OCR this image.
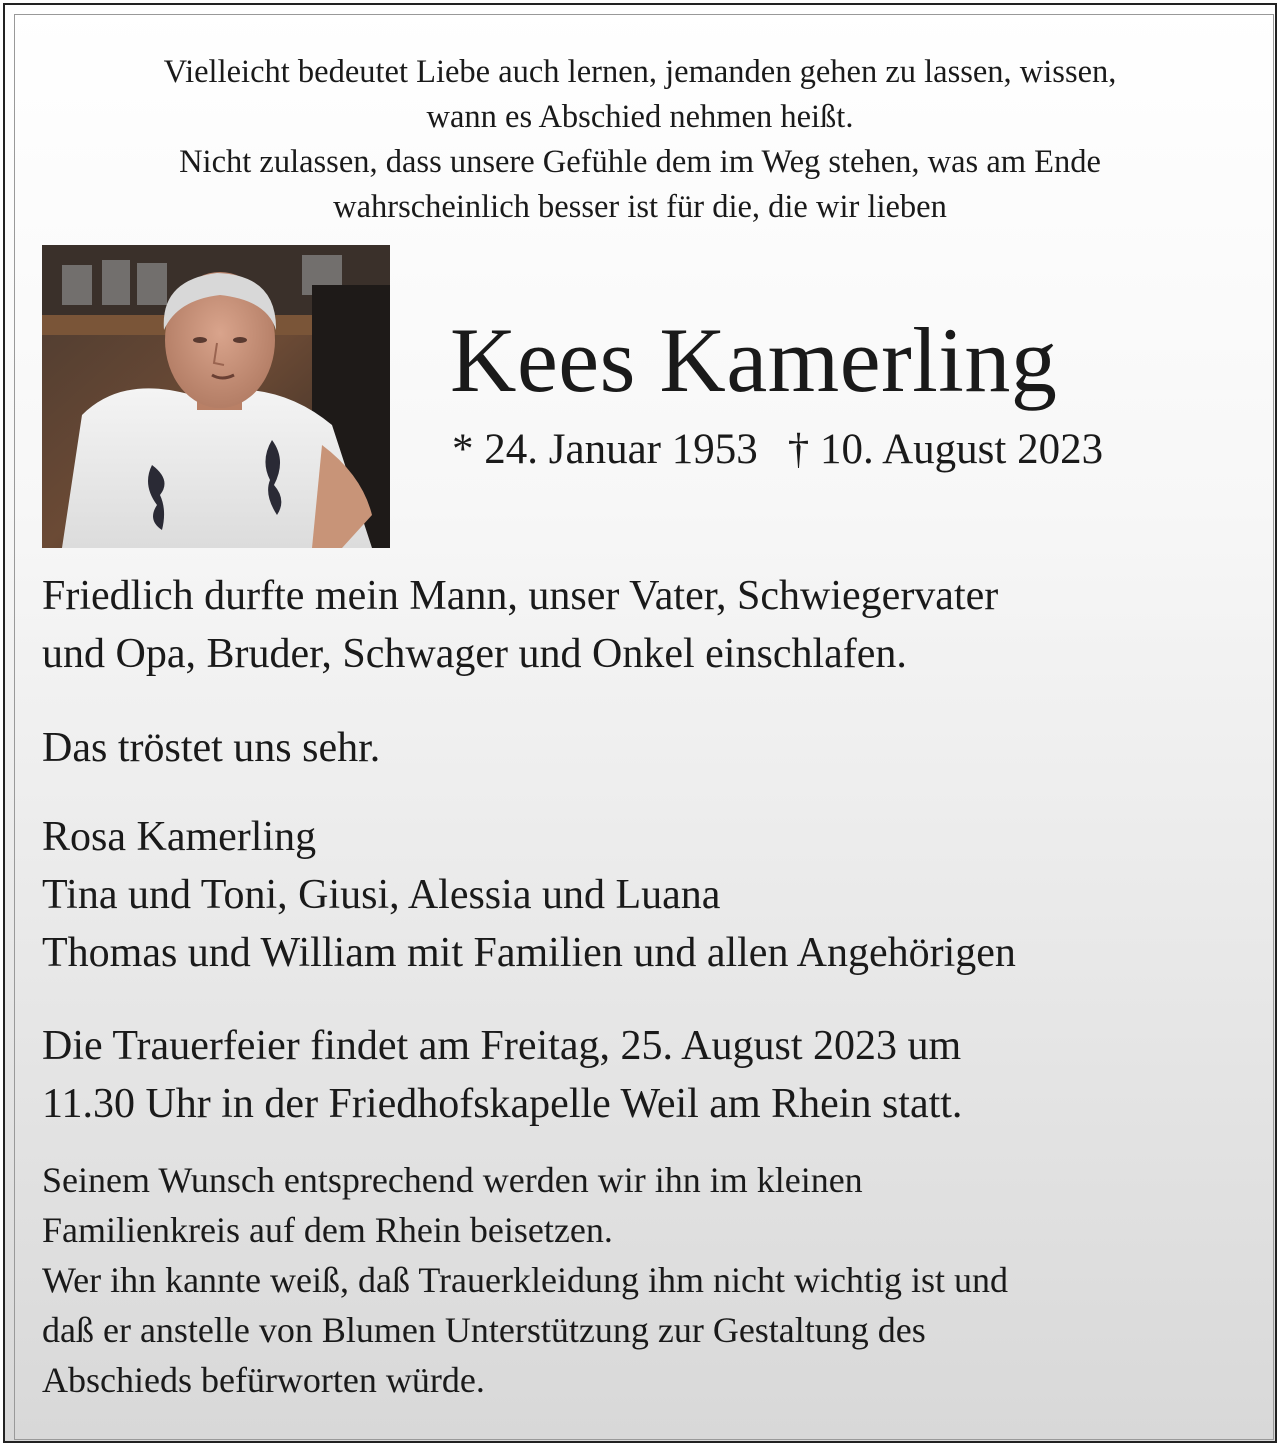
Vielleicht bedeutet Liebe auch lernen, jemanden gehen zu lassen, wissen,

wann es Abschied nehmen heißt.

Nicht zulassen, dass unsere Gefühle dem im Weg stehen, was am Ende

wahrscheinlich besser ist für die, die wir lieben

Kees Kamerling
* 24. Januar 1953 † 10. August 2023

Friedlich durfte mein Mann, unser Vater, Schwiegervater

und Opa, Bruder, Schwager und Onkel einschlafen.

Das tröstet uns sehr.

Rosa Kamerling

Tina und Toni, Giusi, Alessia und Luana

Thomas und William mit Familien und allen Angehörigen

Die Trauerfeier findet am Freitag, 25. August 2023 um

11.30 Uhr in der Friedhofskapelle Weil am Rhein statt.

Seinem Wunsch entsprechend werden wir ihn im kleinen

Familienkreis auf dem Rhein beisetzen.

Wer ihn kannte weiß, daß Trauerkleidung ihm nicht wichtig ist und

daß er anstelle von Blumen Unterstützung zur Gestaltung des

Abschieds befürworten würde.
